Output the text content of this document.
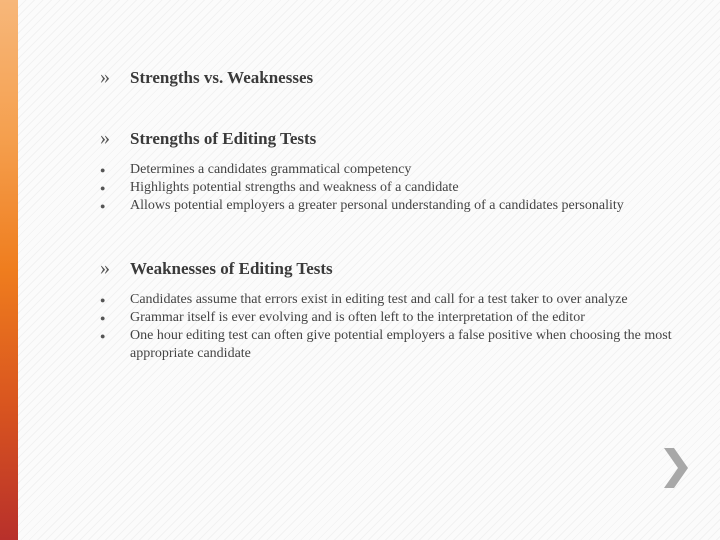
»	Strengths vs. Weaknesses
»	Strengths of Editing Tests
●	Determines a candidates grammatical competency
●	Highlights potential strengths and weakness of a candidate
●	Allows potential employers a greater personal understanding of a candidates personality
»	Weaknesses of Editing Tests
●	Candidates assume that errors exist in editing test and call for a test taker to over analyze
●	Grammar itself is ever evolving and is often left to the interpretation of the editor
●	One hour editing test can often give potential employers a false positive when choosing the most appropriate candidate
